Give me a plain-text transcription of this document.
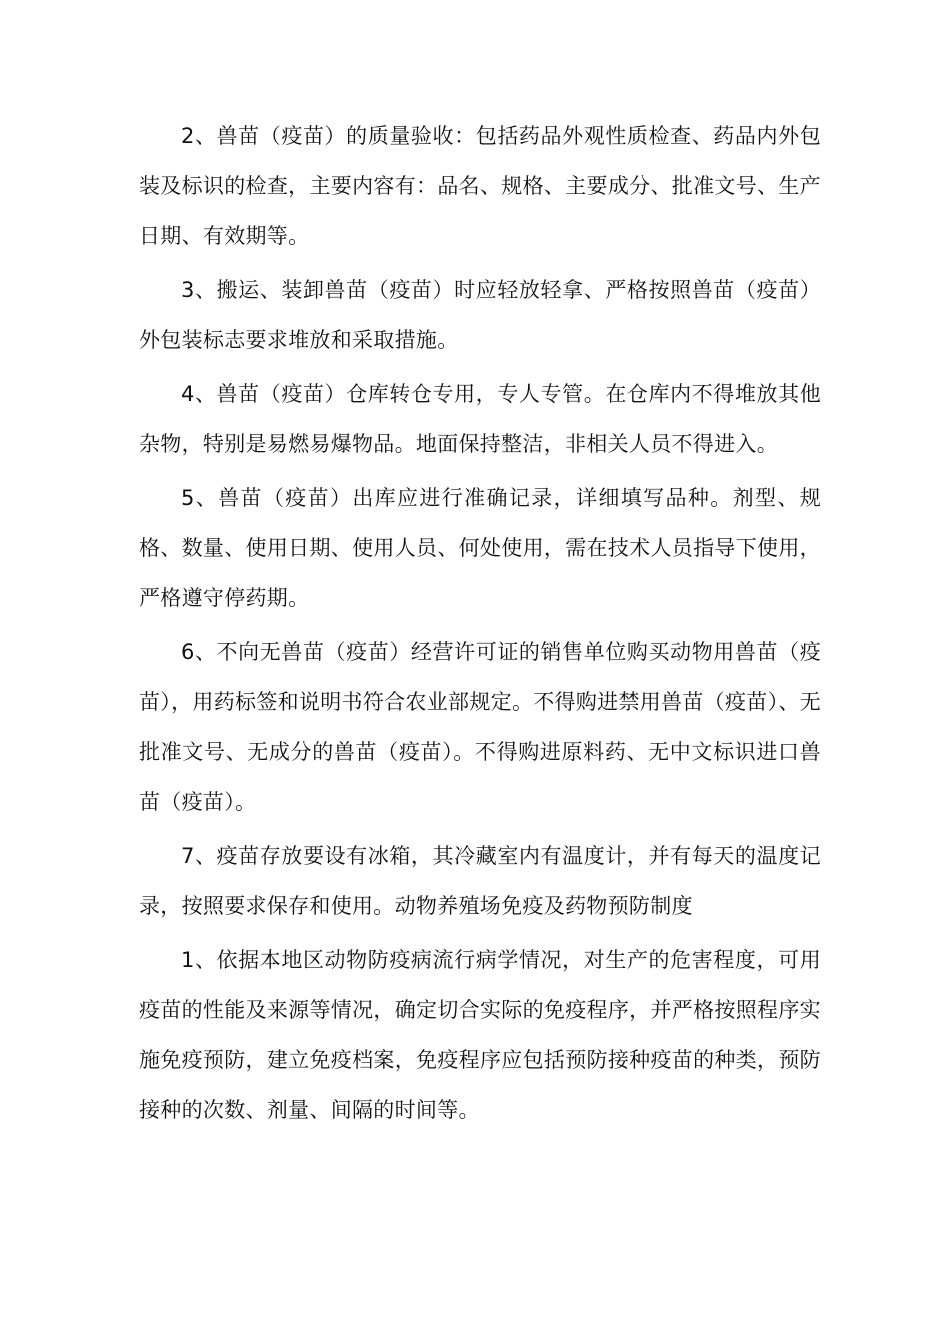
2、兽苗（疫苗）的质量验收：包括药品外观性质检查、药品内外包装及标识的检查，主要内容有：品名、规格、主要成分、批准文号、生产日期、有效期等。

3、搬运、装卸兽苗（疫苗）时应轻放轻拿、严格按照兽苗（疫苗）外包装标志要求堆放和采取措施。

4、兽苗（疫苗）仓库转仓专用，专人专管。在仓库内不得堆放其他杂物，特别是易燃易爆物品。地面保持整洁，非相关人员不得进入。

5、兽苗（疫苗）出库应进行准确记录，详细填写品种。剂型、规格、数量、使用日期、使用人员、何处使用，需在技术人员指导下使用，严格遵守停药期。

6、不向无兽苗（疫苗）经营许可证的销售单位购买动物用兽苗（疫苗），用药标签和说明书符合农业部规定。不得购进禁用兽苗（疫苗）、无批准文号、无成分的兽苗（疫苗）。不得购进原料药、无中文标识进口兽苗（疫苗）。

7、疫苗存放要设有冰箱，其冷藏室内有温度计，并有每天的温度记录，按照要求保存和使用。动物养殖场免疫及药物预防制度

1、依据本地区动物防疫病流行病学情况，对生产的危害程度，可用疫苗的性能及来源等情况，确定切合实际的免疫程序，并严格按照程序实施免疫预防，建立免疫档案，免疫程序应包括预防接种疫苗的种类，预防接种的次数、剂量、间隔的时间等。
